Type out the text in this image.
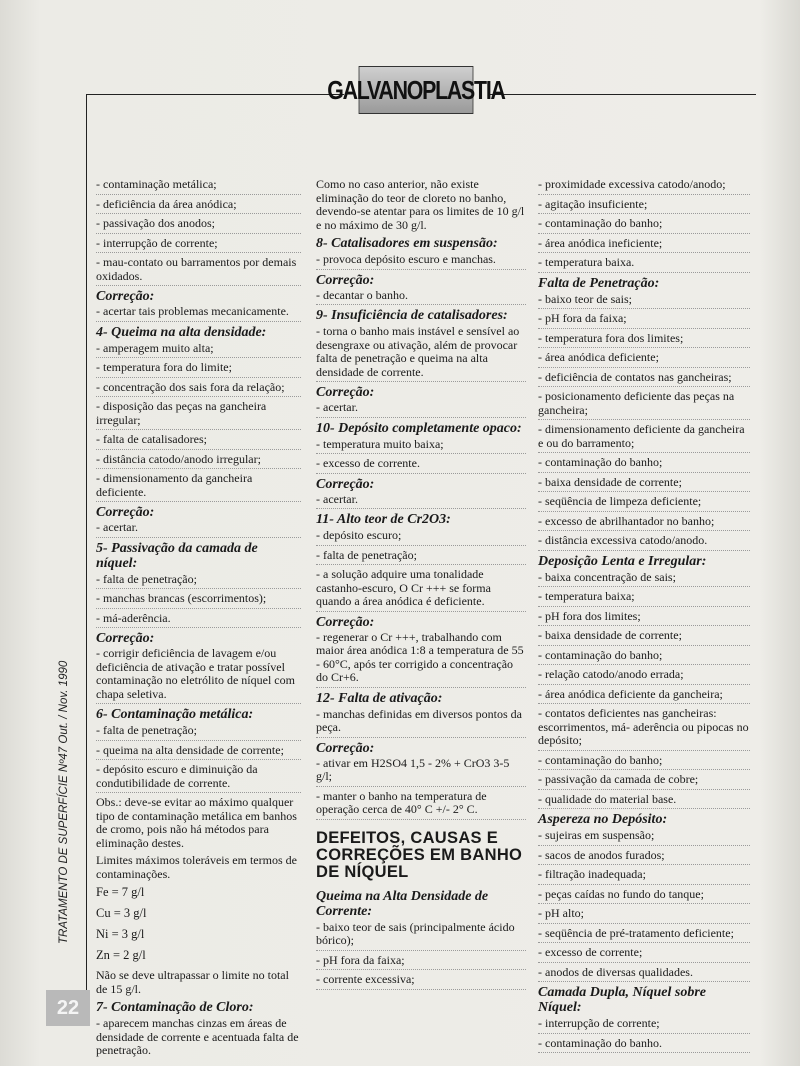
GALVANOPLASTIA
TRATAMENTO DE SUPERFÍCIE Nº47 Out. / Nov. 1990
22
- contaminação metálica;
- deficiência da área anódica;
- passivação dos anodos;
- interrupção de corrente;
- mau-contato ou barramentos por demais oxidados.
Correção:
- acertar tais problemas mecanicamente.
4- Queima na alta densidade:
- amperagem muito alta;
- temperatura fora do limite;
- concentração dos sais fora da relação;
- disposição das peças na gancheira irregular;
- falta de catalisadores;
- distância catodo/anodo irregular;
- dimensionamento da gancheira deficiente.
Correção:
- acertar.
5- Passivação da camada de níquel:
- falta de penetração;
- manchas brancas (escorrimentos);
- má-aderência.
Correção:
- corrigir deficiência de lavagem e/ou deficiência de ativação e tratar possível contaminação no eletrólito de níquel com chapa seletiva.
6- Contaminação metálica:
- falta de penetração;
- queima na alta densidade de corrente;
- depósito escuro e diminuição da condutibilidade de corrente.
Obs.: deve-se evitar ao máximo qualquer tipo de contaminação metálica em banhos de cromo, pois não há métodos para eliminação destes.
Limites máximos toleráveis em termos de contaminações.
Fe = 7 g/l
Cu = 3 g/l
Ni = 3 g/l
Zn = 2 g/l
Não se deve ultrapassar o limite no total de 15 g/l.
7- Contaminação de Cloro:
- aparecem manchas cinzas em áreas de densidade de corrente e acentuada falta de penetração.
Como no caso anterior, não existe eliminação do teor de cloreto no banho, devendo-se atentar para os limites de 10 g/l e no máximo de 30 g/l.
8- Catalisadores em suspensão:
- provoca depósito escuro e manchas.
Correção:
- decantar o banho.
9- Insuficiência de catalisadores:
- torna o banho mais instável e sensível ao desengraxe ou ativação, além de provocar falta de penetração e queima na alta densidade de corrente.
Correção:
- acertar.
10- Depósito completamente opaco:
- temperatura muito baixa;
- excesso de corrente.
Correção:
- acertar.
11- Alto teor de Cr2O3:
- depósito escuro;
- falta de penetração;
- a solução adquire uma tonalidade castanho-escuro, O Cr +++ se forma quando a área anódica é deficiente.
Correção:
- regenerar o Cr +++, trabalhando com maior área anódica 1:8 a temperatura de 55 - 60°C, após ter corrigido a concentração do Cr+6.
12- Falta de ativação:
- manchas definidas em diversos pontos da peça.
Correção:
- ativar em H2SO4 1,5 - 2% + CrO3 3-5 g/l;
- manter o banho na temperatura de operação cerca de 40° C +/- 2° C.
DEFEITOS, CAUSAS E CORREÇÕES EM BANHO DE NÍQUEL
Queima na Alta Densidade de Corrente:
- baixo teor de sais (principalmente ácido bórico);
- pH fora da faixa;
- corrente excessiva;
- proximidade excessiva catodo/anodo;
- agitação insuficiente;
- contaminação do banho;
- área anódica ineficiente;
- temperatura baixa.
Falta de Penetração:
- baixo teor de sais;
- pH fora da faixa;
- temperatura fora dos limites;
- área anódica deficiente;
- deficiência de contatos nas gancheiras;
- posicionamento deficiente das peças na gancheira;
- dimensionamento deficiente da gancheira e ou do barramento;
- contaminação do banho;
- baixa densidade de corrente;
- seqüência de limpeza deficiente;
- excesso de abrilhantador no banho;
- distância excessiva catodo/anodo.
Deposição Lenta e Irregular:
- baixa concentração de sais;
- temperatura baixa;
- pH fora dos limites;
- baixa densidade de corrente;
- contaminação do banho;
- relação catodo/anodo errada;
- área anódica deficiente da gancheira;
- contatos deficientes nas gancheiras: escorrimentos, má- aderência ou pipocas no depósito;
- contaminação do banho;
- passivação da camada de cobre;
- qualidade do material base.
Aspereza no Depósito:
- sujeiras em suspensão;
- sacos de anodos furados;
- filtração inadequada;
- peças caídas no fundo do tanque;
- pH alto;
- seqüência de pré-tratamento deficiente;
- excesso de corrente;
- anodos de diversas qualidades.
Camada Dupla, Níquel sobre Níquel:
- interrupção de corrente;
- contaminação do banho.
